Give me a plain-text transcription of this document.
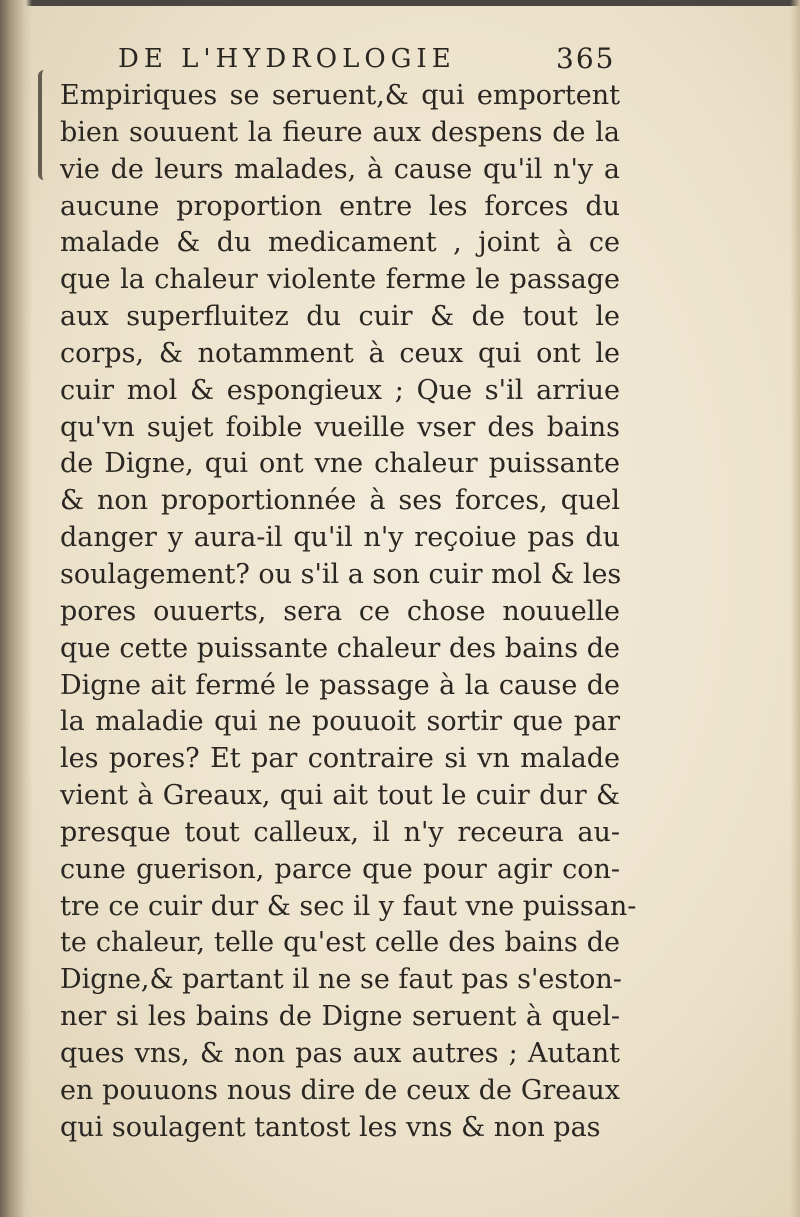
DE L'HYDROLOGIE	365
Empiriques se seruent,& qui emportent
bien souuent la fieure aux despens de la
vie de leurs malades, à cause qu'il n'y a
aucune proportion entre les forces du
malade & du medicament , joint à ce
que la chaleur violente ferme le passage
aux superfluitez du cuir & de tout le
corps, & notamment à ceux qui ont le
cuir mol & espongieux ; Que s'il arriue
qu'vn sujet foible vueille vser des bains
de Digne, qui ont vne chaleur puissante
& non proportionnée à ses forces, quel
danger y aura-il qu'il n'y reçoiue pas du
soulagement? ou s'il a son cuir mol & les
pores ouuerts, sera ce chose nouuelle
que cette puissante chaleur des bains de
Digne ait fermé le passage à la cause de
la maladie qui ne pouuoit sortir que par
les pores? Et par contraire si vn malade
vient à Greaux, qui ait tout le cuir dur &
presque tout calleux, il n'y receura au-
cune guerison, parce que pour agir con-
tre ce cuir dur & sec il y faut vne puissan-
te chaleur, telle qu'est celle des bains de
Digne,& partant il ne se faut pas s'eston-
ner si les bains de Digne seruent à quel-
ques vns, & non pas aux autres ; Autant
en pouuons nous dire de ceux de Greaux
qui soulagent tantost les vns & non pas
